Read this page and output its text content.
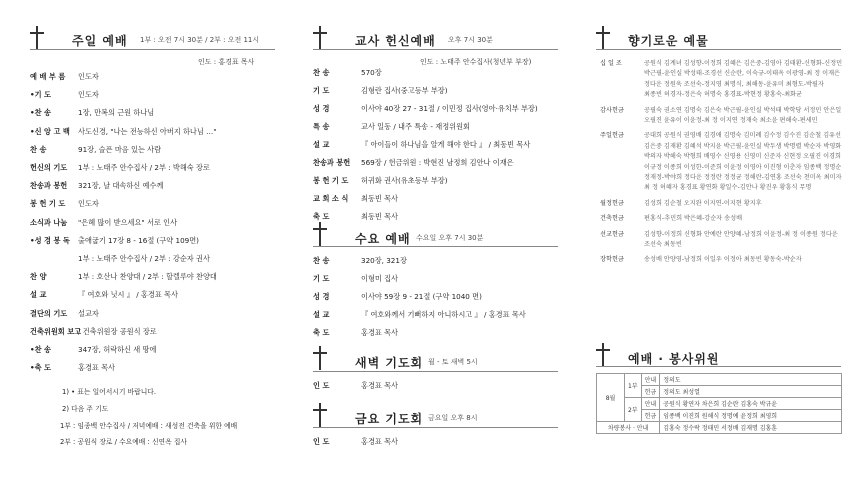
주일 예배 1부 : 오전 7시 30분 / 2부 : 오전 11시
인도 : 홍경표 목사
예 배 부 름 인도자
•기 도	인도자
•찬 송	1장, 만복의 근원 하나님
•신 앙 고 백 사도신경, "나는 전능하신 아버지 하나님 …"
찬 송	91장, 슬픈 마음 있는 사람
헌신의 기도 1부 : 노태주 안수집사 / 2부 : 박해숙 장로
찬송과 봉헌 321장, 날 대속하신 예수께
봉 헌 기 도 인도자
소식과 나눔 "은혜 많이 받으세요" 서로 인사
•성 경 봉 독 출애굽기 17장 8 - 16절 (구약 109면)
1부 : 노태주 안수집사 / 2부 : 강순자 권사
찬 양	1부 : 호산나 찬양대 / 2부 : 할렐루야 찬양대
설 교	『 여호와 닛시 』 / 홍경표 목사
결단의 기도 설교자
건축위원회 보고/ 건축위원장 공원식 장로
•찬 송	347장, 허락하신 새 땅에
•축 도	홍경표 목사
1) • 표는 일어서시기 바랍니다.
2) 다음 주 기도
1부 : 임종백 안수집사 / 저녁예배 : 새성전 건축을 위한 예배
2부 : 공원식 장로 / 수요예배 : 신연옥 집사
교사 헌신예배 오후 7시 30분
인도 : 노태주 안수집사(청년부 부장)
찬 송	570장
기 도	김형란 집사(중고등부 부장)
성 경	이사야 40장 27 - 31절 / 이민정 집사(영아·유치부 부장)
특 송	교사 일동 / 내주 특송 - 재정위원회
설 교	『 아이들이 하나님을 알게 해야 한다 』 / 최동빈 목사
찬송과 봉헌 569장 / 헌금위원 : 박현진 남정희 김안나 이재은
봉 헌 기 도 허귀화 권사(유초등부 부장)
교 회 소 식 최동빈 목사
축 도	최동빈 목사
수요 예배 수요일 오후 7시 30분
찬 송	320장, 321장
기 도	이형미 집사
성 경	이사야 59장 9 - 21절 (구약 1040 면)
설 교	『 여호와께서 기뻐하지 아니하시고 』 / 홍경표 목사
축 도	홍경표 목사
새벽 기도회 월 - 토 새벽 5시
인 도	홍경표 목사
금요 기도회 금요일 오후 8시
인 도	홍경표 목사
향기로운 예물
십 일 조	공원식 김계녀 김성향-이정희 김혜은 김은중-김영아 김태환-신형화-신정민
박근필-윤인실 박성태-조경선 신순란, 이숙규-이태옥 이광영-최 정 이재은
정다운 정원욱 조선숙-정지영 최명식, 최해동-윤유미 최형도-박필자
최종빈 허경자-정은숙 허명숙 홍경표-박현정 황홍숙-최화균
감사헌금	공필숙 권소연 김명숙 김은숙 박근필-윤인실 박석태 박학당 서정민 안은일
오필진 윤유이 이윤정-최 정 이지연 정재숙 최소윤 편해숙-편세민
주일헌금	공대희 공원식 권영배 김경애 김명숙 김미례 김수정 김수진 김순철 김유선
김은중 김재환 김혜석 박지윤 박근필-윤인실 박두생 박명렬 박순자 박영화
박의자 박해숙 박형희 배영수 신영용 신영미 신준자 신현정 오필진 이경희
이규정 이종희 이성한-이준희 이윤정 이영아 이진형 이춘자 임종백 정명순
정재정-박야희 정다운 정정란 정정균 정해란-김연홍 조선숙 천미옥 최미자
최 정 허혜자 홍경표 황연화 황일수-김안나 황진우 황흥식 무명
월정헌금	김성희 김순철 오지완 이지연-이지현 황지후
건축헌금	편홍식-추민희 박은혜-강순자 송성배
선교헌금	김성향-이정희 신형화 안예란 안양혜-남정희 이윤정-최 정 이종원 정다운
조선숙 최동빈
장학헌금	송성배 안양영-남정희 이일우 이정아 최동빈 황동숙-박순자
예배 · 봉사위원
8월	1부	안내	정의도
		헌금	정의도 최성열
	2부	안내	공원식 황연자 차은희 김순란 김홍숙 박규윤
		헌금	임종백 이진희 원해식 정명예 윤정희 최영희
차량봉사 · 안내			김홍숙 정수락 정태민 서정배 김재명 김홍훈
